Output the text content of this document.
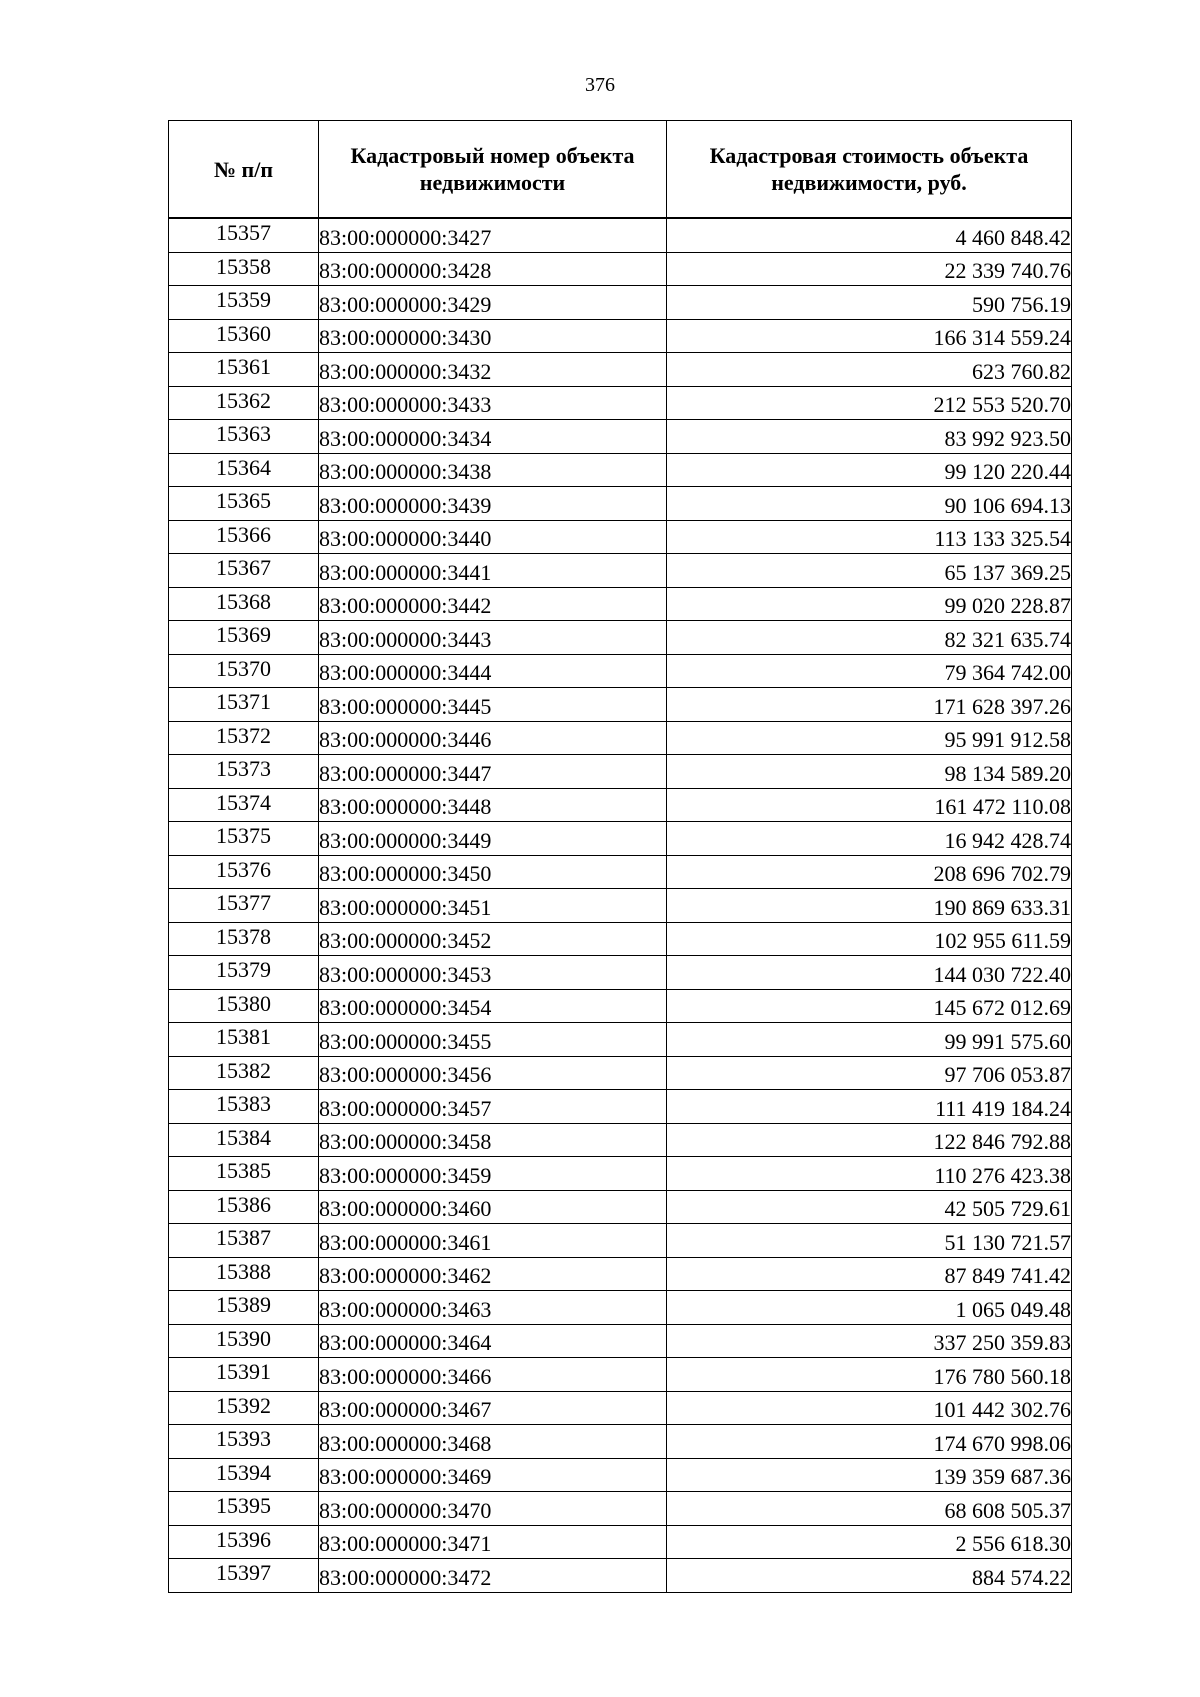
376
№ п/п	Кадастровый номер объекта недвижимости	Кадастровая стоимость объекта недвижимости, руб.
15357	83:00:000000:3427	4 460 848.42
15358	83:00:000000:3428	22 339 740.76
15359	83:00:000000:3429	590 756.19
15360	83:00:000000:3430	166 314 559.24
15361	83:00:000000:3432	623 760.82
15362	83:00:000000:3433	212 553 520.70
15363	83:00:000000:3434	83 992 923.50
15364	83:00:000000:3438	99 120 220.44
15365	83:00:000000:3439	90 106 694.13
15366	83:00:000000:3440	113 133 325.54
15367	83:00:000000:3441	65 137 369.25
15368	83:00:000000:3442	99 020 228.87
15369	83:00:000000:3443	82 321 635.74
15370	83:00:000000:3444	79 364 742.00
15371	83:00:000000:3445	171 628 397.26
15372	83:00:000000:3446	95 991 912.58
15373	83:00:000000:3447	98 134 589.20
15374	83:00:000000:3448	161 472 110.08
15375	83:00:000000:3449	16 942 428.74
15376	83:00:000000:3450	208 696 702.79
15377	83:00:000000:3451	190 869 633.31
15378	83:00:000000:3452	102 955 611.59
15379	83:00:000000:3453	144 030 722.40
15380	83:00:000000:3454	145 672 012.69
15381	83:00:000000:3455	99 991 575.60
15382	83:00:000000:3456	97 706 053.87
15383	83:00:000000:3457	111 419 184.24
15384	83:00:000000:3458	122 846 792.88
15385	83:00:000000:3459	110 276 423.38
15386	83:00:000000:3460	42 505 729.61
15387	83:00:000000:3461	51 130 721.57
15388	83:00:000000:3462	87 849 741.42
15389	83:00:000000:3463	1 065 049.48
15390	83:00:000000:3464	337 250 359.83
15391	83:00:000000:3466	176 780 560.18
15392	83:00:000000:3467	101 442 302.76
15393	83:00:000000:3468	174 670 998.06
15394	83:00:000000:3469	139 359 687.36
15395	83:00:000000:3470	68 608 505.37
15396	83:00:000000:3471	2 556 618.30
15397	83:00:000000:3472	884 574.22
